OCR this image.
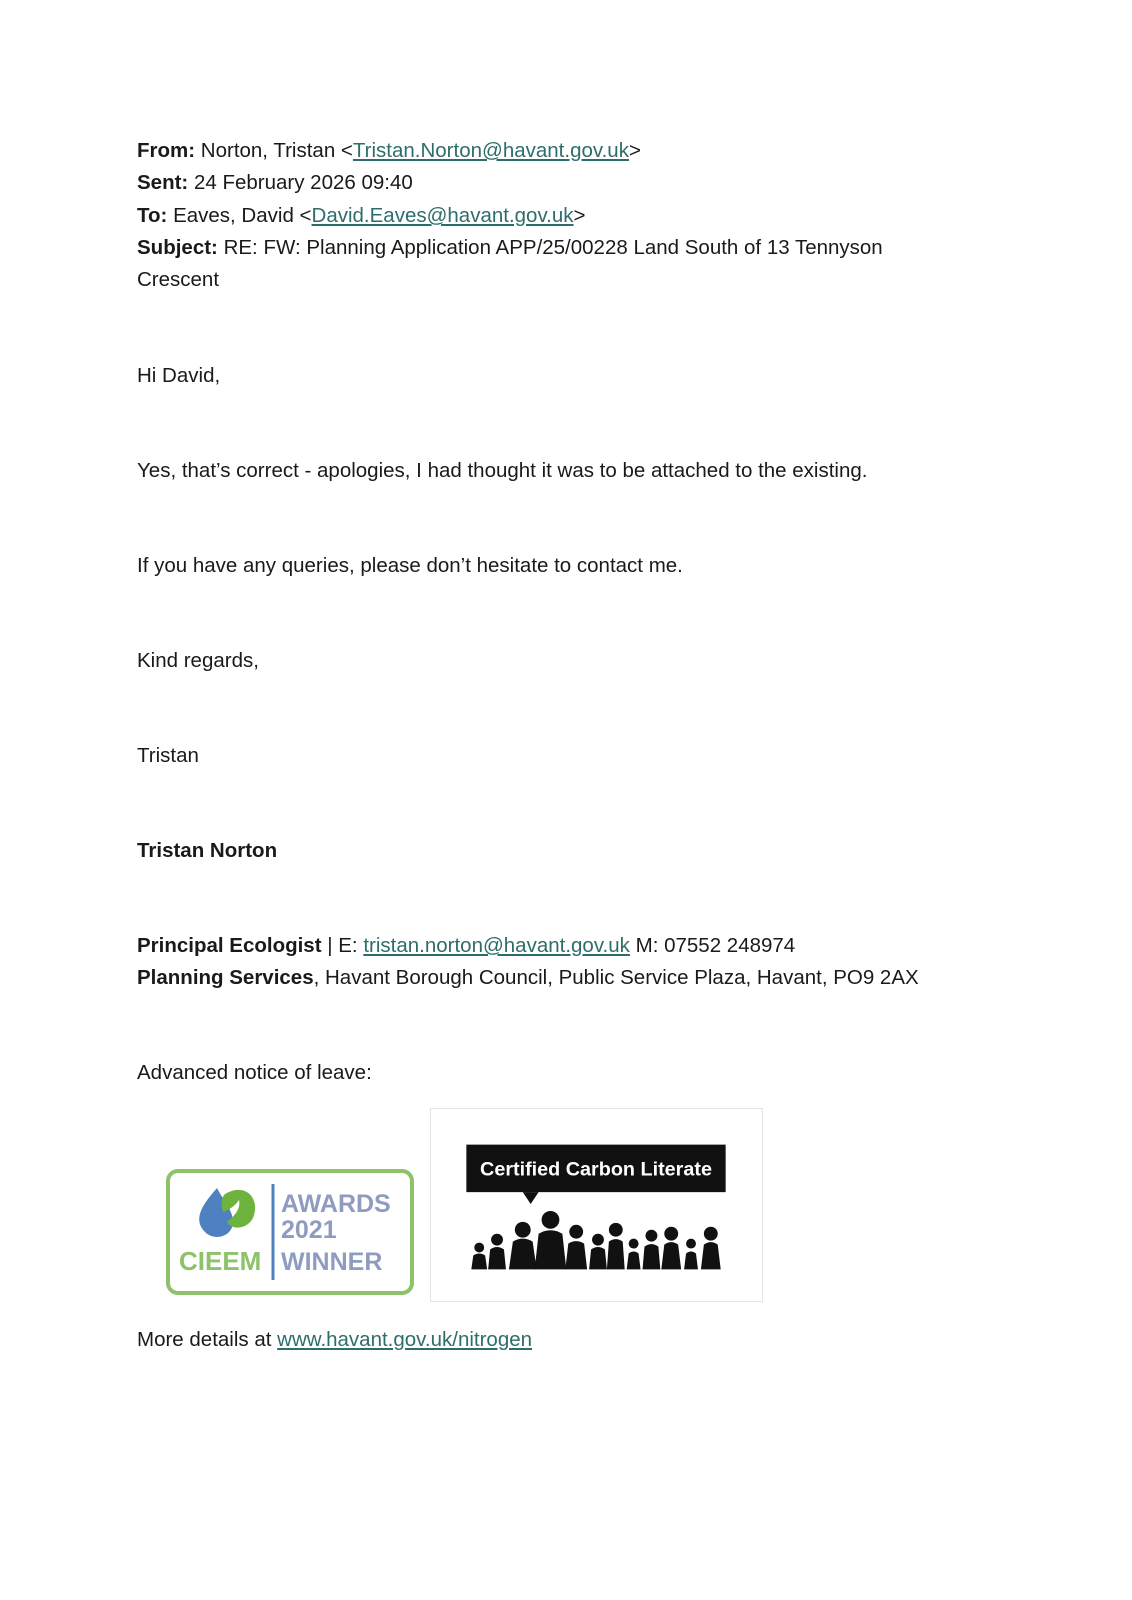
From: Norton, Tristan <Tristan.Norton@havant.gov.uk>
Sent: 24 February 2026 09:40
To: Eaves, David <David.Eaves@havant.gov.uk>
Subject: RE: FW: Planning Application APP/25/00228 Land South of 13 Tennyson
Crescent
Hi David,
Yes, that’s correct - apologies, I had thought it was to be attached to the existing.
If you have any queries, please don’t hesitate to contact me.
Kind regards,
Tristan
Tristan Norton
Principal Ecologist | E: tristan.norton@havant.gov.uk M: 07552 248974
Planning Services, Havant Borough Council, Public Service Plaza, Havant, PO9 2AX
Advanced notice of leave:
CIEEM
AWARDS
2021
WINNER
Certified Carbon Literate
More details at www.havant.gov.uk/nitrogen
